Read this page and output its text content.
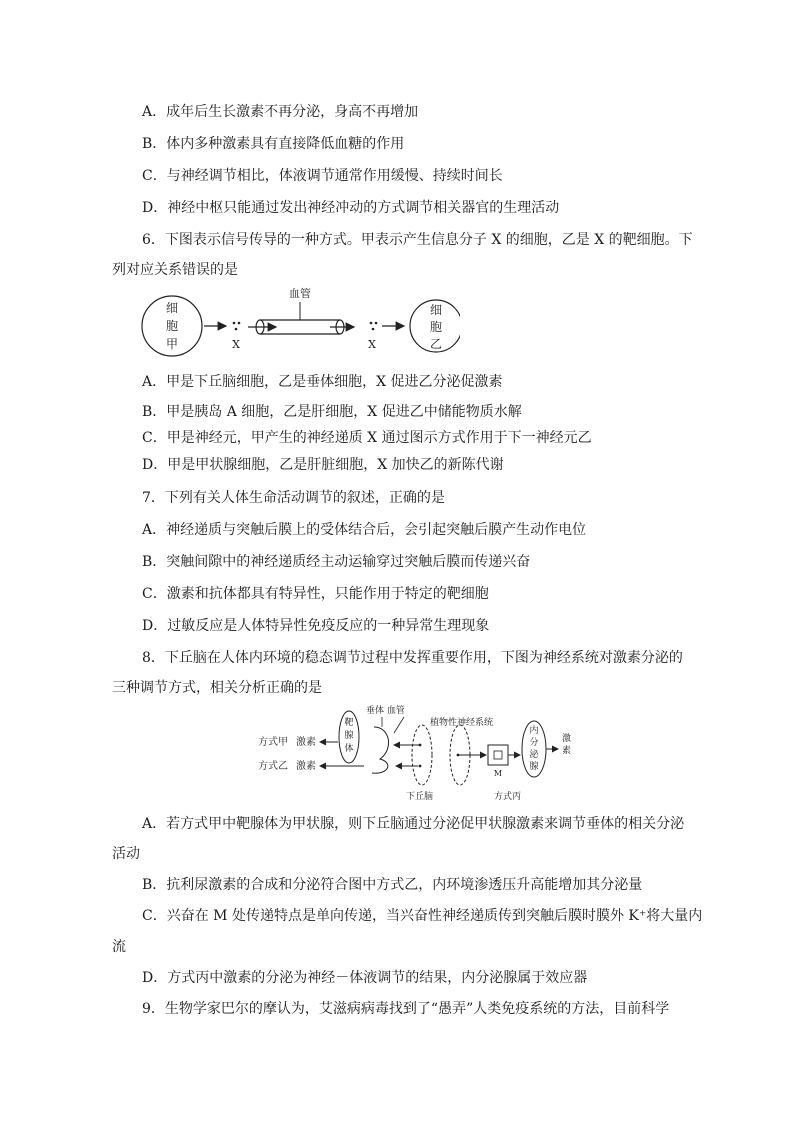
A．成年后生长激素不再分泌，身高不再增加
B．体内多种激素具有直接降低血糖的作用
C．与神经调节相比，体液调节通常作用缓慢、持续时间长
D．神经中枢只能通过发出神经冲动的方式调节相关器官的生理活动
6．下图表示信号传导的一种方式。甲表示产生信息分子 X 的细胞，乙是 X 的靶细胞。下
列对应关系错误的是
细
胞
甲	X
血管
X
细
胞
乙
A．甲是下丘脑细胞，乙是垂体细胞，X 促进乙分泌促激素
B．甲是胰岛 A 细胞，乙是肝细胞，X 促进乙中储能物质水解
C．甲是神经元，甲产生的神经递质 X 通过图示方式作用于下一神经元乙
D．甲是甲状腺细胞，乙是肝脏细胞，X 加快乙的新陈代谢
7．下列有关人体生命活动调节的叙述，正确的是
A．神经递质与突触后膜上的受体结合后，会引起突触后膜产生动作电位
B．突触间隙中的神经递质经主动运输穿过突触后膜而传递兴奋
C．激素和抗体都具有特异性，只能作用于特定的靶细胞
D．过敏反应是人体特异性免疫反应的一种异常生理现象
8．下丘脑在人体内环境的稳态调节过程中发挥重要作用，下图为神经系统对激素分泌的
三种调节方式，相关分析正确的是
方式甲
方式乙
激素
激素
靶
腺
体
垂体 血管
下丘脑
植物性神经系统
M
内
分
泌
腺
激
素
方式丙
A．若方式甲中靶腺体为甲状腺，则下丘脑通过分泌促甲状腺激素来调节垂体的相关分泌
活动
B．抗利尿激素的合成和分泌符合图中方式乙，内环境渗透压升高能增加其分泌量
C．兴奋在 M 处传递特点是单向传递，当兴奋性神经递质传到突触后膜时膜外 K⁺将大量内
流
D．方式丙中激素的分泌为神经－体液调节的结果，内分泌腺属于效应器
9．生物学家巴尔的摩认为，艾滋病病毒找到了“愚弄”人类免疫系统的方法，目前科学
